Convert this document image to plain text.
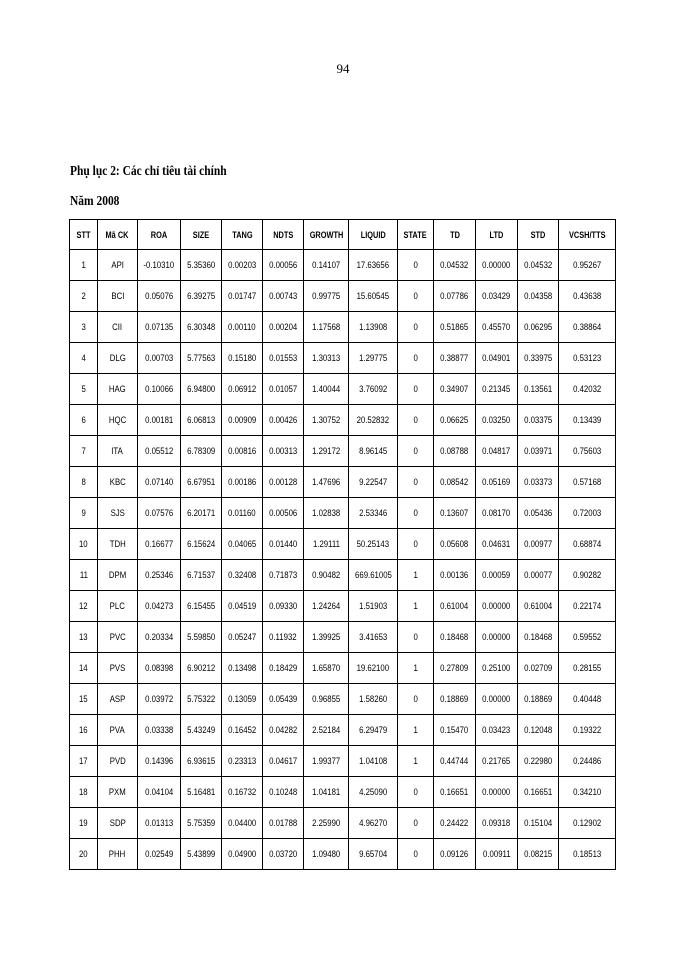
94
Phụ lục 2: Các chỉ tiêu tài chính
Năm 2008
STT	Mã CK	ROA	SIZE	TANG	NDTS	GROWTH	LIQUID	STATE	TD	LTD	STD	VCSH/TTS
1	API	-0.10310	5.35360	0.00203	0.00056	0.14107	17.63656	0	0.04532	0.00000	0.04532	0.95267
2	BCI	0.05076	6.39275	0.01747	0.00743	0.99775	15.60545	0	0.07786	0.03429	0.04358	0.43638
3	CII	0.07135	6.30348	0.00110	0.00204	1.17568	1.13908	0	0.51865	0.45570	0.06295	0.38864
4	DLG	0.00703	5.77563	0.15180	0.01553	1.30313	1.29775	0	0.38877	0.04901	0.33975	0.53123
5	HAG	0.10066	6.94800	0.06912	0.01057	1.40044	3.76092	0	0.34907	0.21345	0.13561	0.42032
6	HQC	0.00181	6.06813	0.00909	0.00426	1.30752	20.52832	0	0.06625	0.03250	0.03375	0.13439
7	ITA	0.05512	6.78309	0.00816	0.00313	1.29172	8.96145	0	0.08788	0.04817	0.03971	0.75603
8	KBC	0.07140	6.67951	0.00186	0.00128	1.47696	9.22547	0	0.08542	0.05169	0.03373	0.57168
9	SJS	0.07576	6.20171	0.01160	0.00506	1.02838	2.53346	0	0.13607	0.08170	0.05436	0.72003
10	TDH	0.16677	6.15624	0.04065	0.01440	1.29111	50.25143	0	0.05608	0.04631	0.00977	0.68874
11	DPM	0.25346	6.71537	0.32408	0.71873	0.90482	669.61005	1	0.00136	0.00059	0.00077	0.90282
12	PLC	0.04273	6.15455	0.04519	0.09330	1.24264	1.51903	1	0.61004	0.00000	0.61004	0.22174
13	PVC	0.20334	5.59850	0.05247	0.11932	1.39925	3.41653	0	0.18468	0.00000	0.18468	0.59552
14	PVS	0.08398	6.90212	0.13498	0.18429	1.65870	19.62100	1	0.27809	0.25100	0.02709	0.28155
15	ASP	0.03972	5.75322	0.13059	0.05439	0.96855	1.58260	0	0.18869	0.00000	0.18869	0.40448
16	PVA	0.03338	5.43249	0.16452	0.04282	2.52184	6.29479	1	0.15470	0.03423	0.12048	0.19322
17	PVD	0.14396	6.93615	0.23313	0.04617	1.99377	1.04108	1	0.44744	0.21765	0.22980	0.24486
18	PXM	0.04104	5.16481	0.16732	0.10248	1.04181	4.25090	0	0.16651	0.00000	0.16651	0.34210
19	SDP	0.01313	5.75359	0.04400	0.01788	2.25990	4.96270	0	0.24422	0.09318	0.15104	0.12902
20	PHH	0.02549	5.43899	0.04900	0.03720	1.09480	9.65704	0	0.09126	0.00911	0.08215	0.18513
